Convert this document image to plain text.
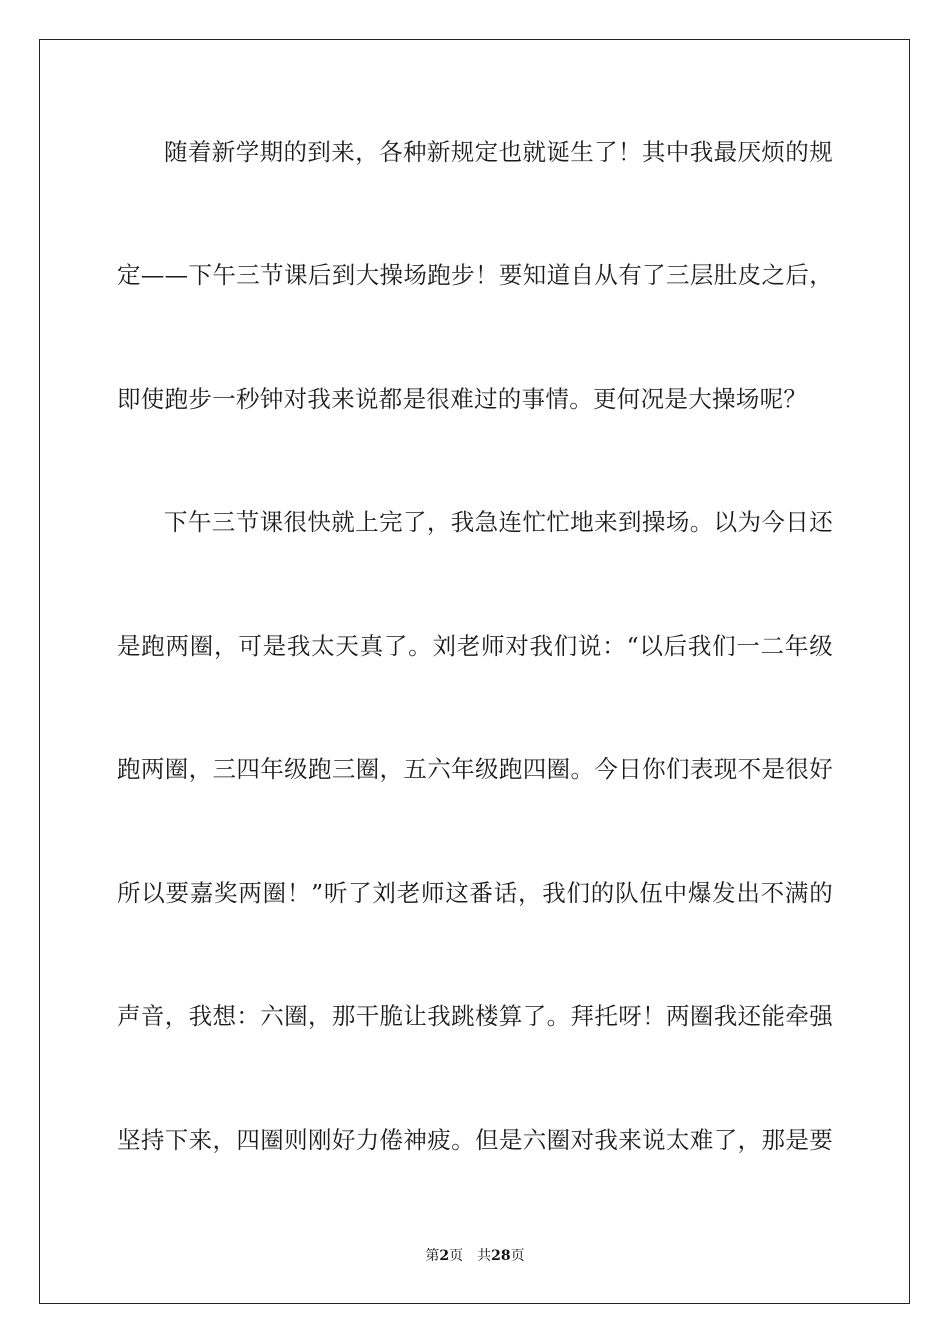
随着新学期的到来，各种新规定也就诞生了！其中我最厌烦的规
定——下午三节课后到大操场跑步！要知道自从有了三层肚皮之后，
即使跑步一秒钟对我来说都是很难过的事情。更何况是大操场呢？
下午三节课很快就上完了，我急连忙忙地来到操场。以为今日还
是跑两圈，可是我太天真了。刘老师对我们说：“以后我们一二年级
跑两圈，三四年级跑三圈，五六年级跑四圈。今日你们表现不是很好
所以要嘉奖两圈！”听了刘老师这番话，我们的队伍中爆发出不满的
声音，我想：六圈，那干脆让我跳楼算了。拜托呀！两圈我还能牵强
坚持下来，四圈则刚好力倦神疲。但是六圈对我来说太难了，那是要
第2页 共28页
